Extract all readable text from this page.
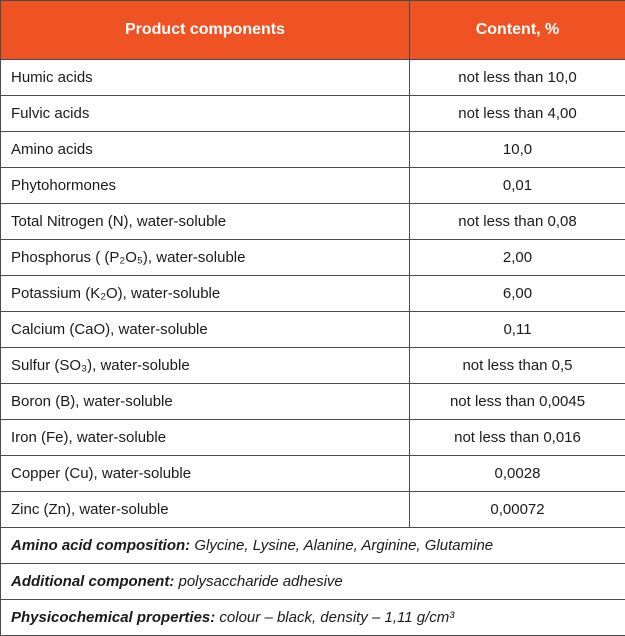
Product components	Content, %
Humic acids	not less than 10,0
Fulvic acids	not less than 4,00
Amino acids	10,0
Phytohormones	0,01
Total Nitrogen (N), water-soluble	not less than 0,08
Phosphorus ( (P₂O₅), water-soluble	2,00
Potassium (K₂O), water-soluble	6,00
Calcium (CaO), water-soluble	0,11
Sulfur (SO₃), water-soluble	not less than 0,5
Boron (B), water-soluble	not less than 0,0045
Iron (Fe), water-soluble	not less than 0,016
Copper (Cu), water-soluble	0,0028
Zinc (Zn), water-soluble	0,00072
Amino acid composition: Glycine, Lysine, Alanine, Arginine, Glutamine	
Additional component: polysaccharide adhesive	
Physicochemical properties: colour – black, density – 1,11 g/cm³	
